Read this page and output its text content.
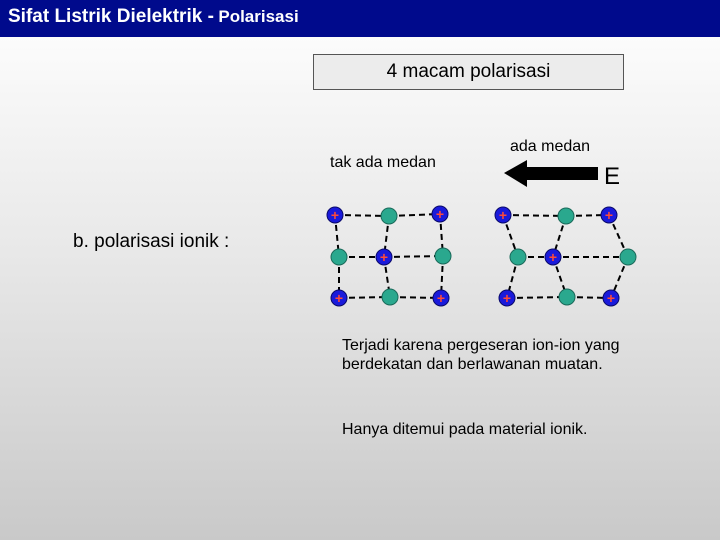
Sifat Listrik Dielektrik - Polarisasi
4 macam polarisasi
tak ada medan
ada medan
E
b. polarisasi ionik :
+	+
+
+	+
+	+
+
+	+
Terjadi karena pergeseran ion-ion yang berdekatan dan berlawanan muatan.
Hanya ditemui pada material ionik.
